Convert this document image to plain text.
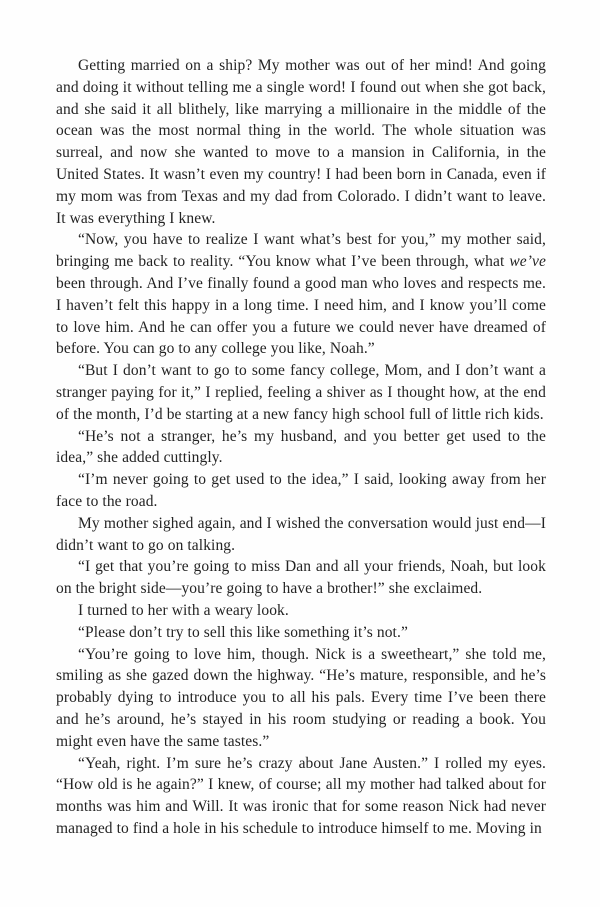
Getting married on a ship? My mother was out of her mind! And going and doing it without telling me a single word! I found out when she got back, and she said it all blithely, like marrying a millionaire in the middle of the ocean was the most normal thing in the world. The whole situation was surreal, and now she wanted to move to a mansion in California, in the United States. It wasn’t even my country! I had been born in Canada, even if my mom was from Texas and my dad from Colorado. I didn’t want to leave. It was everything I knew.

“Now, you have to realize I want what’s best for you,” my mother said, bringing me back to reality. “You know what I’ve been through, what we’ve been through. And I’ve finally found a good man who loves and respects me. I haven’t felt this happy in a long time. I need him, and I know you’ll come to love him. And he can offer you a future we could never have dreamed of before. You can go to any college you like, Noah.”

“But I don’t want to go to some fancy college, Mom, and I don’t want a stranger paying for it,” I replied, feeling a shiver as I thought how, at the end of the month, I’d be starting at a new fancy high school full of little rich kids.

“He’s not a stranger, he’s my husband, and you better get used to the idea,” she added cuttingly.

“I’m never going to get used to the idea,” I said, looking away from her face to the road.

My mother sighed again, and I wished the conversation would just end—I didn’t want to go on talking.

“I get that you’re going to miss Dan and all your friends, Noah, but look on the bright side—you’re going to have a brother!” she exclaimed.

I turned to her with a weary look.

“Please don’t try to sell this like something it’s not.”

“You’re going to love him, though. Nick is a sweetheart,” she told me, smiling as she gazed down the highway. “He’s mature, responsible, and he’s probably dying to introduce you to all his pals. Every time I’ve been there and he’s around, he’s stayed in his room studying or reading a book. You might even have the same tastes.”

“Yeah, right. I’m sure he’s crazy about Jane Austen.” I rolled my eyes. “How old is he again?” I knew, of course; all my mother had talked about for months was him and Will. It was ironic that for some reason Nick had never managed to find a hole in his schedule to introduce himself to me. Moving in
